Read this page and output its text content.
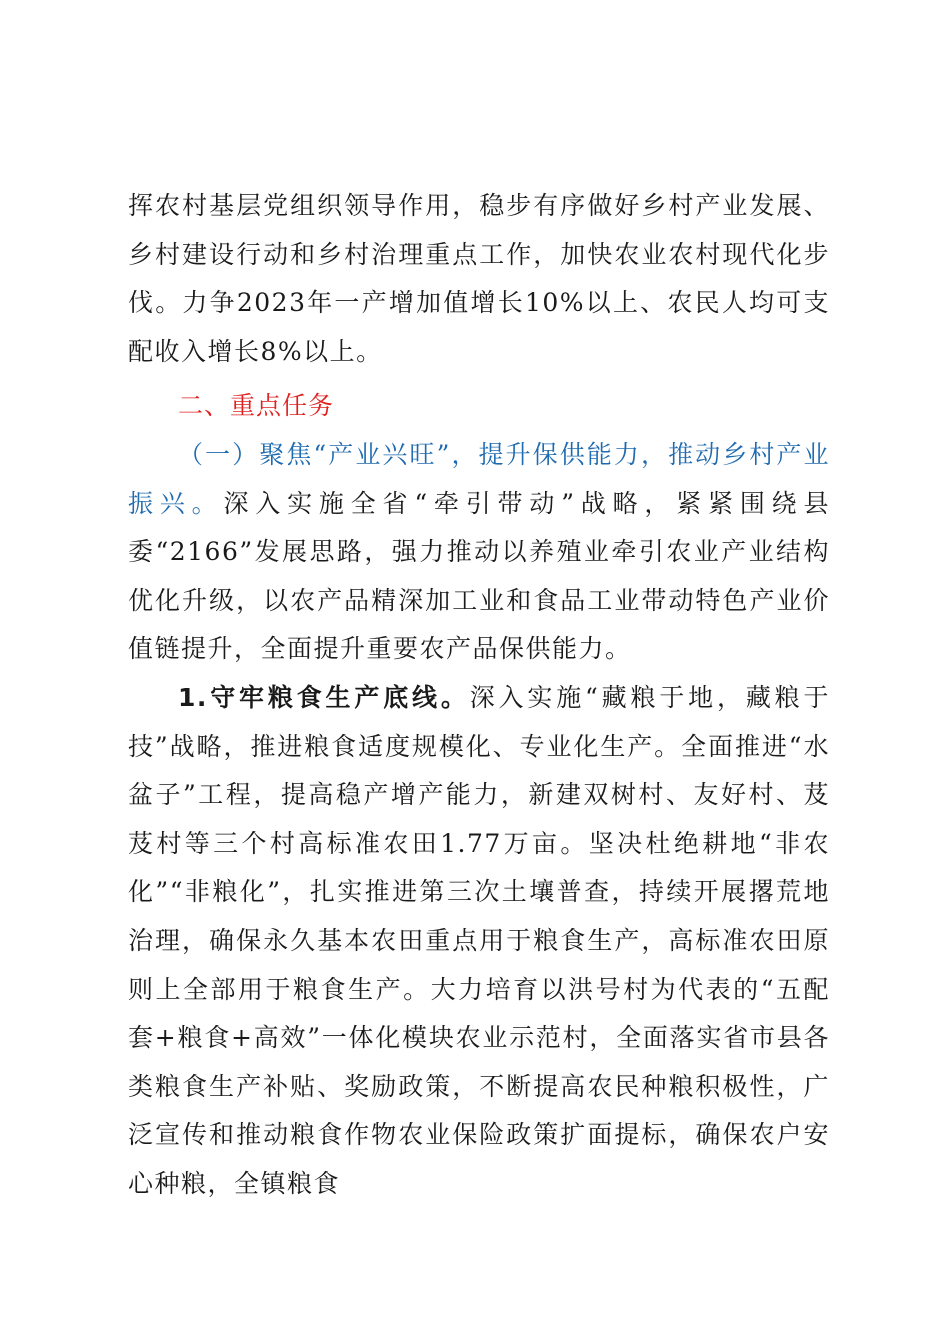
挥农村基层党组织领导作用，稳步有序做好乡村产业发展、乡村建设行动和乡村治理重点工作，加快农业农村现代化步伐。力争2023年一产增加值增长10%以上、农民人均可支配收入增长8%以上。

二、重点任务

（一）聚焦“产业兴旺”，提升保供能力，推动乡村产业振兴。深入实施全省“牵引带动”战略，紧紧围绕县委“2166”发展思路，强力推动以养殖业牵引农业产业结构优化升级，以农产品精深加工业和食品工业带动特色产业价值链提升，全面提升重要农产品保供能力。

1.守牢粮食生产底线。深入实施“藏粮于地，藏粮于技”战略，推进粮食适度规模化、专业化生产。全面推进“水盆子”工程，提高稳产增产能力，新建双树村、友好村、芨芨村等三个村高标准农田1.77万亩。坚决杜绝耕地“非农化”“非粮化”，扎实推进第三次土壤普查，持续开展撂荒地治理，确保永久基本农田重点用于粮食生产，高标准农田原则上全部用于粮食生产。大力培育以洪号村为代表的“五配套+粮食+高效”一体化模块农业示范村，全面落实省市县各类粮食生产补贴、奖励政策，不断提高农民种粮积极性，广泛宣传和推动粮食作物农业保险政策扩面提标，确保农户安心种粮，全镇粮食
